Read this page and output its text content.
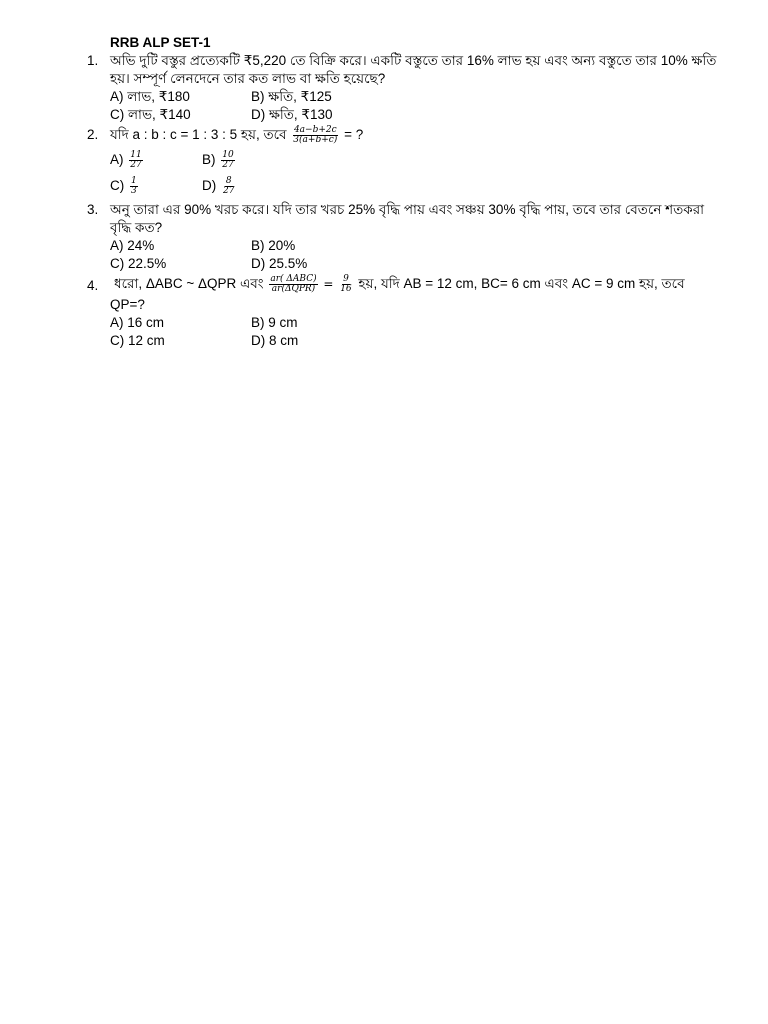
RRB ALP SET-1
1. অভি দুটি বস্তুর প্রত্যেকটি ₹5,220 তে বিক্রি করে। একটি বস্তুতে তার 16% লাভ হয় এবং অন্য বস্তুতে তার 10% ক্ষতি হয়। সম্পূর্ণ লেনদেনে তার কত লাভ বা ক্ষতি হয়েছে?
A) লাভ, ₹180	B) ক্ষতি, ₹125
C) লাভ, ₹140	D) ক্ষতি, ₹130
2. যদি a : b : c = 1 : 3 : 5 হয়, তবে $\frac{4a-b+2c}{3(a+b+c)}$ = ?
$A) \frac{11}{27}$	$B) \frac{10}{27}$
$C) \frac{1}{3}$	$D) \frac{8}{27}$
3. অনু তারা এর 90% খরচ করে। যদি তার খরচ 25% বৃদ্ধি পায় এবং সঞ্চয় 30% বৃদ্ধি পায়, তবে তার বেতনে শতকরা বৃদ্ধি কত?
A) 24%	B) 20%
C) 22.5%	D) 25.5%
4. ধরো, ΔABC ~ ΔQPR এবং $\frac{\text{ar( ΔABC)}}{\text{ar(ΔQPR)}} = \frac{9}{16}$ হয়, যদি AB = 12 cm, BC= 6 cm এবং AC = 9 cm হয়, তবে
QP=?
A) 16 cm	B) 9 cm
C) 12 cm	D) 8 cm
